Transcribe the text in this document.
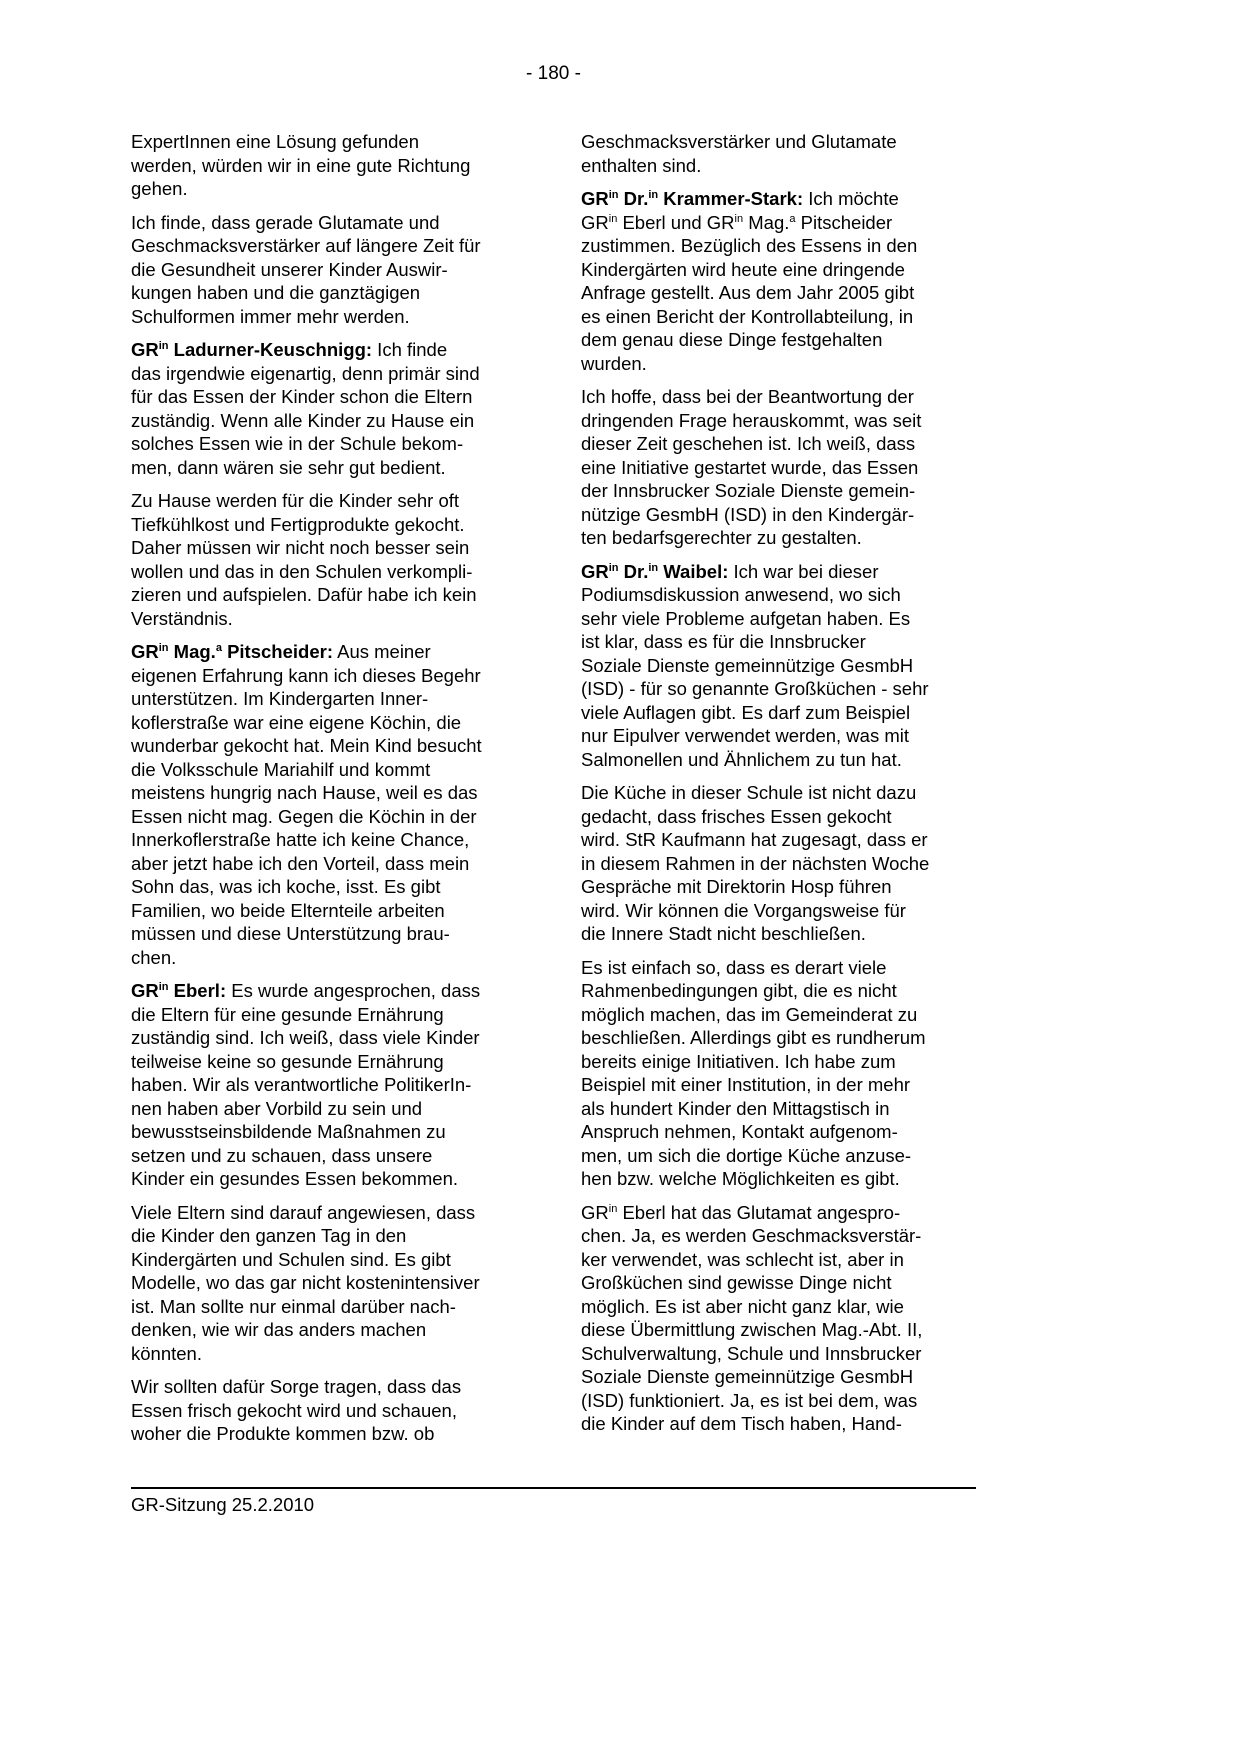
- 180 -
ExpertInnen eine Lösung gefunden
werden, würden wir in eine gute Richtung
gehen.
Ich finde, dass gerade Glutamate und
Geschmacksverstärker auf längere Zeit für
die Gesundheit unserer Kinder Auswir-
kungen haben und die ganztägigen
Schulformen immer mehr werden.
$GR^{in}$ Ladurner-Keuschnigg: Ich finde
das irgendwie eigenartig, denn primär sind
für das Essen der Kinder schon die Eltern
zuständig. Wenn alle Kinder zu Hause ein
solches Essen wie in der Schule bekom-
men, dann wären sie sehr gut bedient.
Zu Hause werden für die Kinder sehr oft
Tiefkühlkost und Fertigprodukte gekocht.
Daher müssen wir nicht noch besser sein
wollen und das in den Schulen verkompli-
zieren und aufspielen. Dafür habe ich kein
Verständnis.
$GR^{in}$ Mag.$^a$ Pitscheider: Aus meiner
eigenen Erfahrung kann ich dieses Begehr
unterstützen. Im Kindergarten Inner-
koflerstraße war eine eigene Köchin, die
wunderbar gekocht hat. Mein Kind besucht
die Volksschule Mariahilf und kommt
meistens hungrig nach Hause, weil es das
Essen nicht mag. Gegen die Köchin in der
Innerkoflerstraße hatte ich keine Chance,
aber jetzt habe ich den Vorteil, dass mein
Sohn das, was ich koche, isst. Es gibt
Familien, wo beide Elternteile arbeiten
müssen und diese Unterstützung brau-
chen.
$GR^{in}$ Eberl: Es wurde angesprochen, dass
die Eltern für eine gesunde Ernährung
zuständig sind. Ich weiß, dass viele Kinder
teilweise keine so gesunde Ernährung
haben. Wir als verantwortliche PolitikerIn-
nen haben aber Vorbild zu sein und
bewusstseinsbildende Maßnahmen zu
setzen und zu schauen, dass unsere
Kinder ein gesundes Essen bekommen.
Viele Eltern sind darauf angewiesen, dass
die Kinder den ganzen Tag in den
Kindergärten und Schulen sind. Es gibt
Modelle, wo das gar nicht kostenintensiver
ist. Man sollte nur einmal darüber nach-
denken, wie wir das anders machen
könnten.
Wir sollten dafür Sorge tragen, dass das
Essen frisch gekocht wird und schauen,
woher die Produkte kommen bzw. ob
Geschmacksverstärker und Glutamate
enthalten sind.
$GR^{in}$ Dr.$^{in}$ Krammer-Stark: Ich möchte
$GR^{in}$ Eberl und $GR^{in}$ Mag.$^a$ Pitscheider
zustimmen. Bezüglich des Essens in den
Kindergärten wird heute eine dringende
Anfrage gestellt. Aus dem Jahr 2005 gibt
es einen Bericht der Kontrollabteilung, in
dem genau diese Dinge festgehalten
wurden.
Ich hoffe, dass bei der Beantwortung der
dringenden Frage herauskommt, was seit
dieser Zeit geschehen ist. Ich weiß, dass
eine Initiative gestartet wurde, das Essen
der Innsbrucker Soziale Dienste gemein-
nützige GesmbH (ISD) in den Kindergär-
ten bedarfsgerechter zu gestalten.
$GR^{in}$ Dr.$^{in}$ Waibel: Ich war bei dieser
Podiumsdiskussion anwesend, wo sich
sehr viele Probleme aufgetan haben. Es
ist klar, dass es für die Innsbrucker
Soziale Dienste gemeinnützige GesmbH
(ISD) - für so genannte Großküchen - sehr
viele Auflagen gibt. Es darf zum Beispiel
nur Eipulver verwendet werden, was mit
Salmonellen und Ähnlichem zu tun hat.
Die Küche in dieser Schule ist nicht dazu
gedacht, dass frisches Essen gekocht
wird. StR Kaufmann hat zugesagt, dass er
in diesem Rahmen in der nächsten Woche
Gespräche mit Direktorin Hosp führen
wird. Wir können die Vorgangsweise für
die Innere Stadt nicht beschließen.
Es ist einfach so, dass es derart viele
Rahmenbedingungen gibt, die es nicht
möglich machen, das im Gemeinderat zu
beschließen. Allerdings gibt es rundherum
bereits einige Initiativen. Ich habe zum
Beispiel mit einer Institution, in der mehr
als hundert Kinder den Mittagstisch in
Anspruch nehmen, Kontakt aufgenom-
men, um sich die dortige Küche anzuse-
hen bzw. welche Möglichkeiten es gibt.
$GR^{in}$ Eberl hat das Glutamat angespro-
chen. Ja, es werden Geschmacksverstär-
ker verwendet, was schlecht ist, aber in
Großküchen sind gewisse Dinge nicht
möglich. Es ist aber nicht ganz klar, wie
diese Übermittlung zwischen Mag.-Abt. II,
Schulverwaltung, Schule und Innsbrucker
Soziale Dienste gemeinnützige GesmbH
(ISD) funktioniert. Ja, es ist bei dem, was
die Kinder auf dem Tisch haben, Hand-
GR-Sitzung 25.2.2010
